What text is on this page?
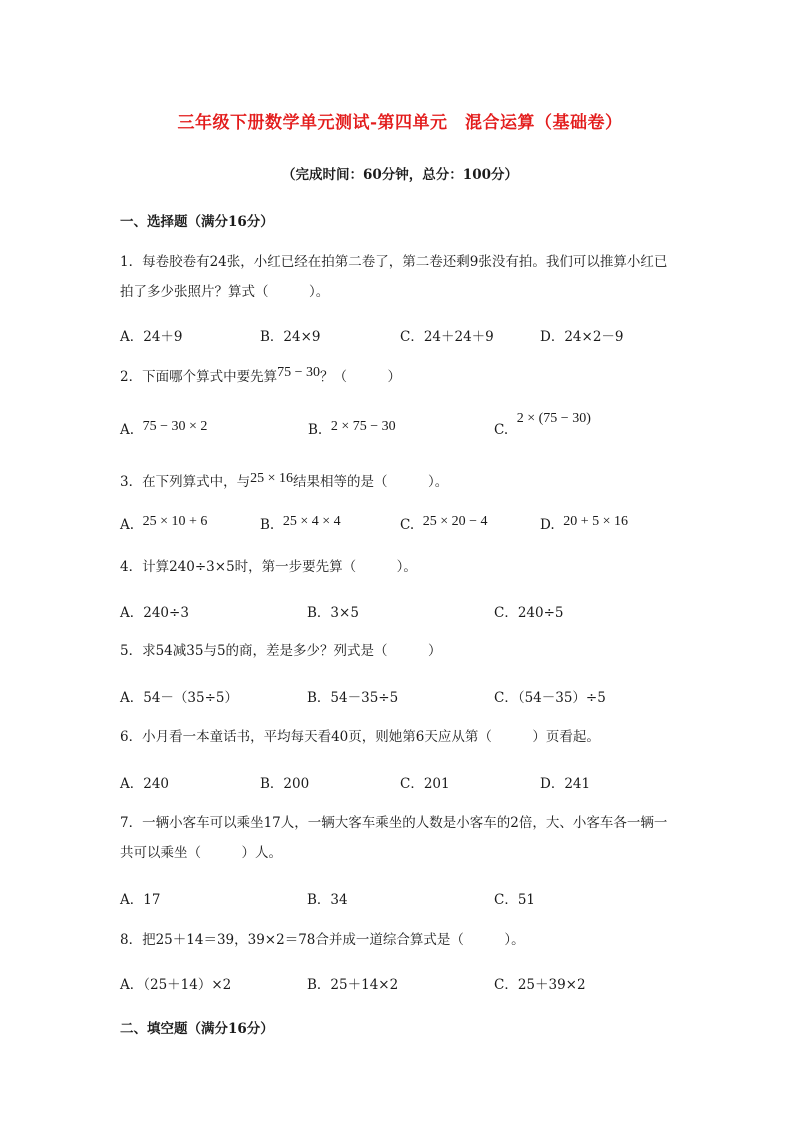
三年级下册数学单元测试-第四单元　混合运算（基础卷）
（完成时间：60分钟，总分：100分）
一、选择题（满分16分）
1．每卷胶卷有24张，小红已经在拍第二卷了，第二卷还剩9张没有拍。我们可以推算小红已拍了多少张照片？算式（　　　）。
A．24＋9	B．24×9	C．24＋24＋9	D．24×2－9
2．下面哪个算式中要先算75 − 30？（　　　）
A. 75 − 30 × 2	B. 2 × 75 − 30	C.  2 × (75 − 30)
3．在下列算式中，与25 × 16结果相等的是（　　　）。
A. 25 × 10 + 6	B. 25 × 4 × 4	C. 25 × 20 − 4	D. 20 + 5 × 16
4．计算240÷3×5时，第一步要先算（　　　）。
A．240÷3	B．3×5	C．240÷5
5．求54减35与5的商，差是多少？列式是（　　　）
A．54－（35÷5）	B．54－35÷5	C．（54－35）÷5
6．小月看一本童话书，平均每天看40页，则她第6天应从第（　　　）页看起。
A．240	B．200	C．201	D．241
7．一辆小客车可以乘坐17人，一辆大客车乘坐的人数是小客车的2倍，大、小客车各一辆一共可以乘坐（　　　）人。
A．17	B．34	C．51
8．把25＋14＝39，39×2＝78合并成一道综合算式是（　　　）。
A．（25＋14）×2	B．25＋14×2	C．25＋39×2
二、填空题（满分16分）
